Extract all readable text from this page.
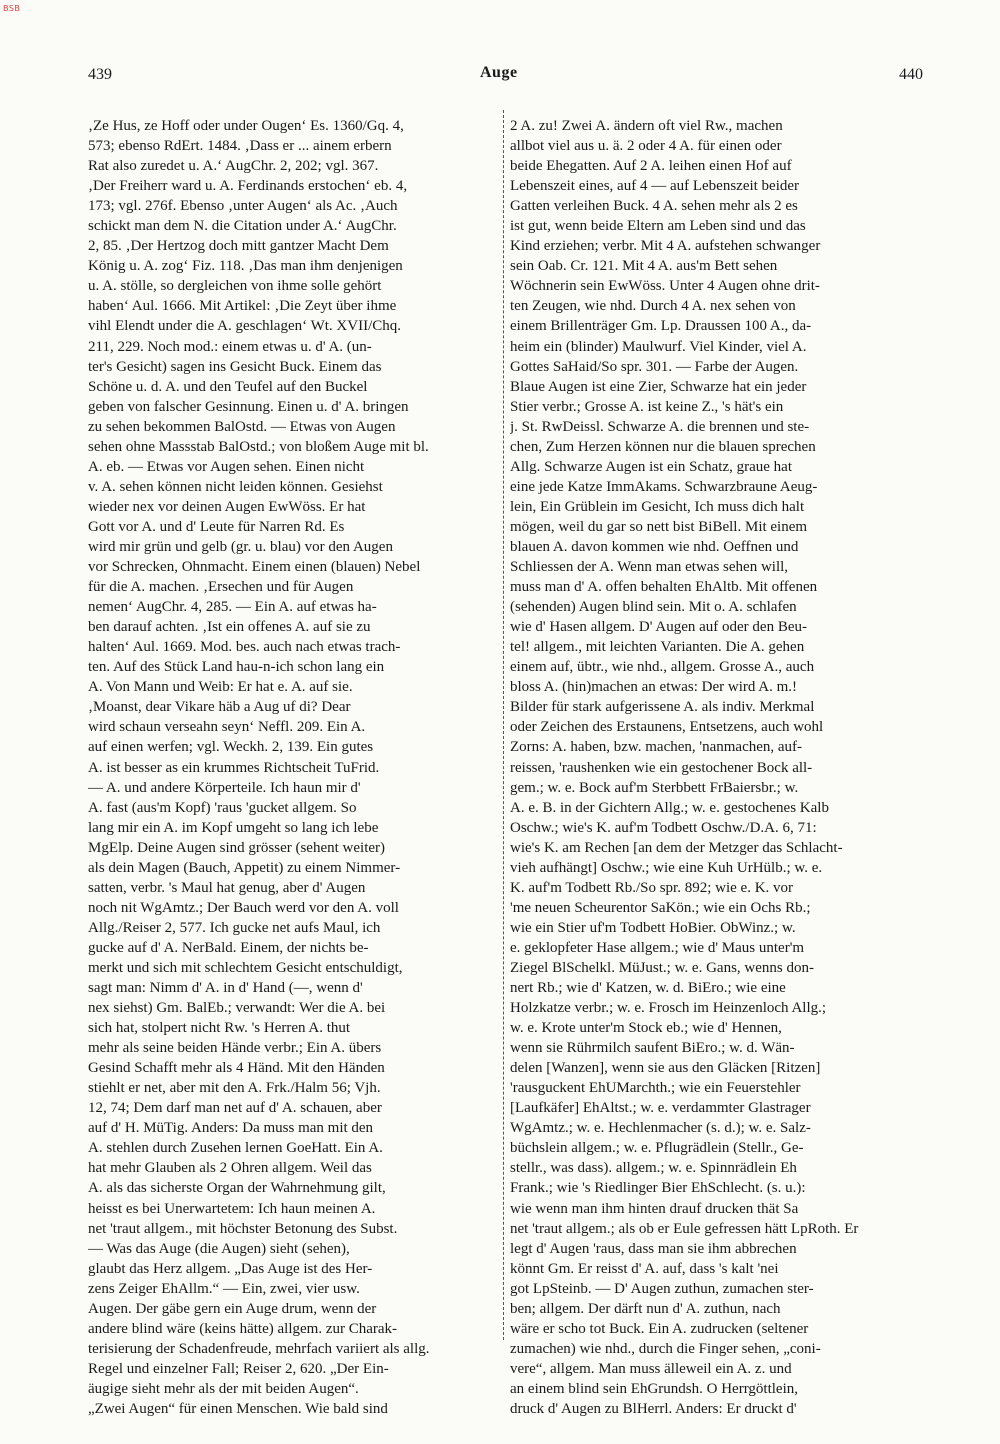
BSB
439	Auge	440
‚Ze Hus, ze Hoff oder under Ougen‘ Es. 1360/Gq. 4,
573; ebenso RdErt. 1484. ‚Dass er ... ainem erbern
Rat also zuredet u. A.‘ AugChr. 2, 202; vgl. 367.
‚Der Freiherr ward u. A. Ferdinands erstochen‘ eb. 4,
173; vgl. 276f. Ebenso ‚unter Augen‘ als Ac. ‚Auch
schickt man dem N. die Citation under A.‘ AugChr.
2, 85. ‚Der Hertzog doch mitt gantzer Macht Dem
König u. A. zog‘ Fiz. 118. ‚Das man ihm denjenigen
u. A. stölle, so dergleichen von ihme solle gehört
haben‘ Aul. 1666. Mit Artikel: ‚Die Zeyt über ihme
vihl Elendt under die A. geschlagen‘ Wt. XVII/Chq.
211, 229. Noch mod.: einem etwas u. d' A. (un-
ter's Gesicht) sagen ins Gesicht Buck. Einem das
Schöne u. d. A. und den Teufel auf den Buckel
geben von falscher Gesinnung. Einen u. d' A. bringen
zu sehen bekommen BalOstd. — Etwas von Augen
sehen ohne Massstab BalOstd.; von bloßem Auge mit bl.
A. eb. — Etwas vor Augen sehen. Einen nicht
v. A. sehen können nicht leiden können. Gesiehst
wieder nex vor deinen Augen EwWöss. Er hat
Gott vor A. und d' Leute für Narren Rd. Es
wird mir grün und gelb (gr. u. blau) vor den Augen
vor Schrecken, Ohnmacht. Einem einen (blauen) Nebel
für die A. machen. ‚Ersechen und für Augen
nemen‘ AugChr. 4, 285. — Ein A. auf etwas ha-
ben darauf achten. ‚Ist ein offenes A. auf sie zu
halten‘ Aul. 1669. Mod. bes. auch nach etwas trach-
ten. Auf des Stück Land hau-n-ich schon lang ein
A. Von Mann und Weib: Er hat e. A. auf sie.
‚Moanst, dear Vikare häb a Aug uf di? Dear
wird schaun verseahn seyn‘ Neffl. 209. Ein A.
auf einen werfen; vgl. Weckh. 2, 139. Ein gutes
A. ist besser as ein krummes Richtscheit TuFrid.
— A. und andere Körperteile. Ich haun mir d'
A. fast (aus'm Kopf) 'raus 'gucket allgem. So
lang mir ein A. im Kopf umgeht so lang ich lebe
MgElp. Deine Augen sind grösser (sehent weiter)
als dein Magen (Bauch, Appetit) zu einem Nimmer-
satten, verbr. 's Maul hat genug, aber d' Augen
noch nit WgAmtz.; Der Bauch werd vor den A. voll
Allg./Reiser 2, 577. Ich gucke net aufs Maul, ich
gucke auf d' A. NerBald. Einem, der nichts be-
merkt und sich mit schlechtem Gesicht entschuldigt,
sagt man: Nimm d' A. in d' Hand (—, wenn d'
nex siehst) Gm. BalEb.; verwandt: Wer die A. bei
sich hat, stolpert nicht Rw. 's Herren A. thut
mehr als seine beiden Hände verbr.; Ein A. übers
Gesind Schafft mehr als 4 Händ. Mit den Händen
stiehlt er net, aber mit den A. Frk./Halm 56; Vjh.
12, 74; Dem darf man net auf d' A. schauen, aber
auf d' H. MüTig. Anders: Da muss man mit den
A. stehlen durch Zusehen lernen GoeHatt. Ein A.
hat mehr Glauben als 2 Ohren allgem. Weil das
A. als das sicherste Organ der Wahrnehmung gilt,
heisst es bei Unerwartetem: Ich haun meinen A.
net 'traut allgem., mit höchster Betonung des Subst.
— Was das Auge (die Augen) sieht (sehen),
glaubt das Herz allgem. „Das Auge ist des Her-
zens Zeiger EhAllm.“ — Ein, zwei, vier usw.
Augen. Der gäbe gern ein Auge drum, wenn der
andere blind wäre (keins hätte) allgem. zur Charak-
terisierung der Schadenfreude, mehrfach variiert als allg.
Regel und einzelner Fall; Reiser 2, 620. „Der Ein-
äugige sieht mehr als der mit beiden Augen“.
„Zwei Augen“ für einen Menschen. Wie bald sind
2 A. zu! Zwei A. ändern oft viel Rw., machen
allbot viel aus u. ä. 2 oder 4 A. für einen oder
beide Ehegatten. Auf 2 A. leihen einen Hof auf
Lebenszeit eines, auf 4 — auf Lebenszeit beider
Gatten verleihen Buck. 4 A. sehen mehr als 2 es
ist gut, wenn beide Eltern am Leben sind und das
Kind erziehen; verbr. Mit 4 A. aufstehen schwanger
sein Oab. Cr. 121. Mit 4 A. aus'm Bett sehen
Wöchnerin sein EwWöss. Unter 4 Augen ohne drit-
ten Zeugen, wie nhd. Durch 4 A. nex sehen von
einem Brillenträger Gm. Lp. Draussen 100 A., da-
heim ein (blinder) Maulwurf. Viel Kinder, viel A.
Gottes SaHaid/So spr. 301. — Farbe der Augen.
Blaue Augen ist eine Zier, Schwarze hat ein jeder
Stier verbr.; Grosse A. ist keine Z., 's hät's ein
j. St. RwDeissl. Schwarze A. die brennen und ste-
chen, Zum Herzen können nur die blauen sprechen
Allg. Schwarze Augen ist ein Schatz, graue hat
eine jede Katze ImmAkams. Schwarzbraune Aeug-
lein, Ein Grüblein im Gesicht, Ich muss dich halt
mögen, weil du gar so nett bist BiBell. Mit einem
blauen A. davon kommen wie nhd. Oeffnen und
Schliessen der A. Wenn man etwas sehen will,
muss man d' A. offen behalten EhAltb. Mit offenen
(sehenden) Augen blind sein. Mit o. A. schlafen
wie d' Hasen allgem. D' Augen auf oder den Beu-
tel! allgem., mit leichten Varianten. Die A. gehen
einem auf, übtr., wie nhd., allgem. Grosse A., auch
bloss A. (hin)machen an etwas: Der wird A. m.!
Bilder für stark aufgerissene A. als indiv. Merkmal
oder Zeichen des Erstaunens, Entsetzens, auch wohl
Zorns: A. haben, bzw. machen, 'nanmachen, auf-
reissen, 'raushenken wie ein gestochener Bock all-
gem.; w. e. Bock auf'm Sterbbett FrBaiersbr.; w.
A. e. B. in der Gichtern Allg.; w. e. gestochenes Kalb
Oschw.; wie's K. auf'm Todbett Oschw./D.A. 6, 71:
wie's K. am Rechen [an dem der Metzger das Schlacht-
vieh aufhängt] Oschw.; wie eine Kuh UrHülb.; w. e.
K. auf'm Todbett Rb./So spr. 892; wie e. K. vor
'me neuen Scheurentor SaKön.; wie ein Ochs Rb.;
wie ein Stier uf'm Todbett HoBier. ObWinz.; w.
e. geklopfeter Hase allgem.; wie d' Maus unter'm
Ziegel BlSchelkl. MüJust.; w. e. Gans, wenns don-
nert Rb.; wie d' Katzen, w. d. BiEro.; wie eine
Holzkatze verbr.; w. e. Frosch im Heinzenloch Allg.;
w. e. Krote unter'm Stock eb.; wie d' Hennen,
wenn sie Rührmilch saufent BiEro.; w. d. Wän-
delen [Wanzen], wenn sie aus den Gläcken [Ritzen]
'rausguckent EhUMarchth.; wie ein Feuerstehler
[Laufkäfer] EhAltst.; w. e. verdammter Glastrager
WgAmtz.; w. e. Hechlenmacher (s. d.); w. e. Salz-
büchslein allgem.; w. e. Pflugrädlein (Stellr., Ge-
stellr., was dass). allgem.; w. e. Spinnrädlein Eh
Frank.; wie 's Riedlinger Bier EhSchlecht. (s. u.):
wie wenn man ihm hinten drauf drucken thät Sa
net 'traut allgem.; als ob er Eule gefressen hätt LpRoth. Er
legt d' Augen 'raus, dass man sie ihm abbrechen
könnt Gm. Er reisst d' A. auf, dass 's kalt 'nei
got LpSteinb. — D' Augen zuthun, zumachen ster-
ben; allgem. Der därft nun d' A. zuthun, nach
wäre er scho tot Buck. Ein A. zudrucken (seltener
zumachen) wie nhd., durch die Finger sehen, „coni-
vere“, allgem. Man muss älleweil ein A. z. und
an einem blind sein EhGrundsh. O Herrgöttlein,
druck d' Augen zu BlHerrl. Anders: Er druckt d'
